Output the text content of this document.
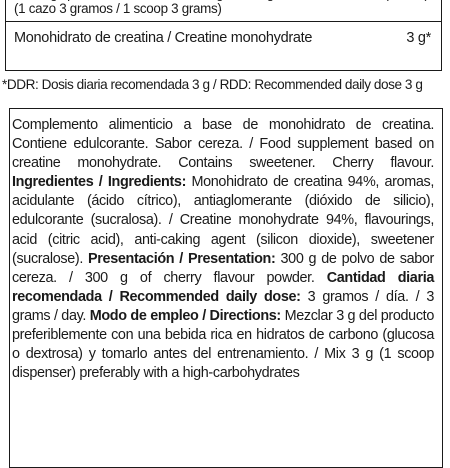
(1 cazo 3 gramos / 1 scoop 3 grams)
Monohidrato de creatina / Creatine monohydrate	3 g*
*DDR: Dosis diaria recomendada 3 g / RDD: Recommended daily dose 3 g

Complemento alimenticio a base de monohidrato de creatina. Contiene edulcorante. Sabor cereza. / Food supplement based on creatine monohydrate. Contains sweetener. Cherry flavour. Ingredientes / Ingredients: Monohidrato de creatina 94%, aromas, acidulante (ácido cítrico), antiaglomerante (dióxido de silicio), edulcorante (sucralosa). / Creatine monohydrate 94%, flavourings, acid (citric acid), anti-caking agent (silicon dioxide), sweetener (sucralose). Presentación / Presentation: 300 g de polvo de sabor cereza. / 300 g of cherry flavour powder. Cantidad diaria recomendada / Recommended daily dose: 3 gramos / día. / 3 grams / day. Modo de empleo / Directions: Mezclar 3 g del producto preferiblemente con una bebida rica en hidratos de carbono (glucosa o dextrosa) y tomarlo antes del entrenamiento. / Mix 3 g (1 scoop dispenser) preferably with a high-carbohydrates
